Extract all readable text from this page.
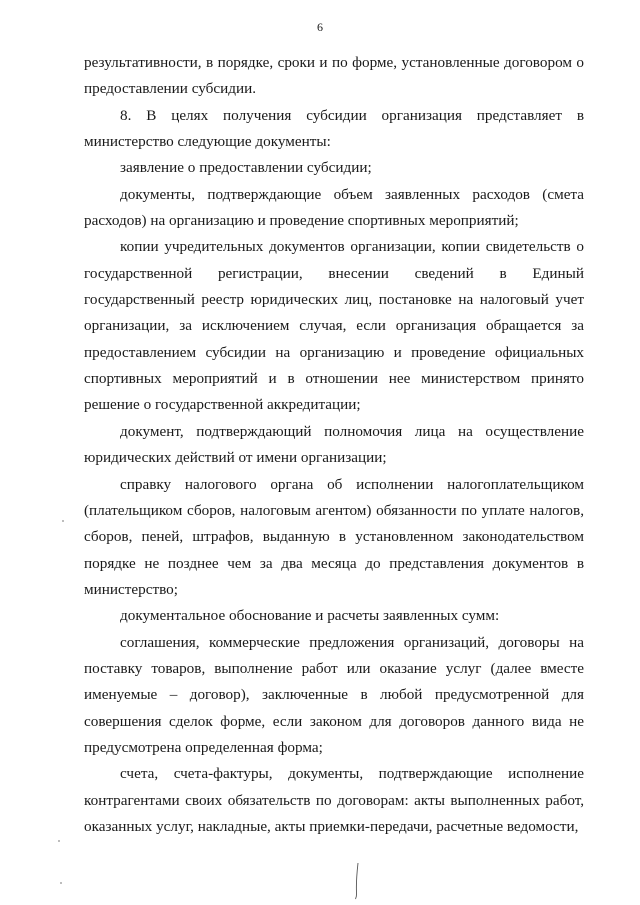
6

результативности, в порядке, сроки и по форме, установленные договором о предоставлении субсидии.

8. В целях получения субсидии организация представляет в министерство следующие документы:

заявление о предоставлении субсидии;

документы, подтверждающие объем заявленных расходов (смета расходов) на организацию и проведение спортивных мероприятий;

копии учредительных документов организации, копии свидетельств о государственной регистрации, внесении сведений в Единый государственный реестр юридических лиц, постановке на налоговый учет организации, за исключением случая, если организация обращается за предоставлением субсидии на организацию и проведение официальных спортивных мероприятий и в отношении нее министерством принято решение о государственной аккредитации;

документ, подтверждающий полномочия лица на осуществление юридических действий от имени организации;

справку налогового органа об исполнении налогоплательщиком (плательщиком сборов, налоговым агентом) обязанности по уплате налогов, сборов, пеней, штрафов, выданную в установленном законодательством порядке не позднее чем за два месяца до представления документов в министерство;

документальное обоснование и расчеты заявленных сумм:

соглашения, коммерческие предложения организаций, договоры на поставку товаров, выполнение работ или оказание услуг (далее вместе именуемые – договор), заключенные в любой предусмотренной для совершения сделок форме, если законом для договоров данного вида не предусмотрена определенная форма;

счета, счета-фактуры, документы, подтверждающие исполнение контрагентами своих обязательств по договорам: акты выполненных работ, оказанных услуг, накладные, акты приемки-передачи, расчетные ведомости,
